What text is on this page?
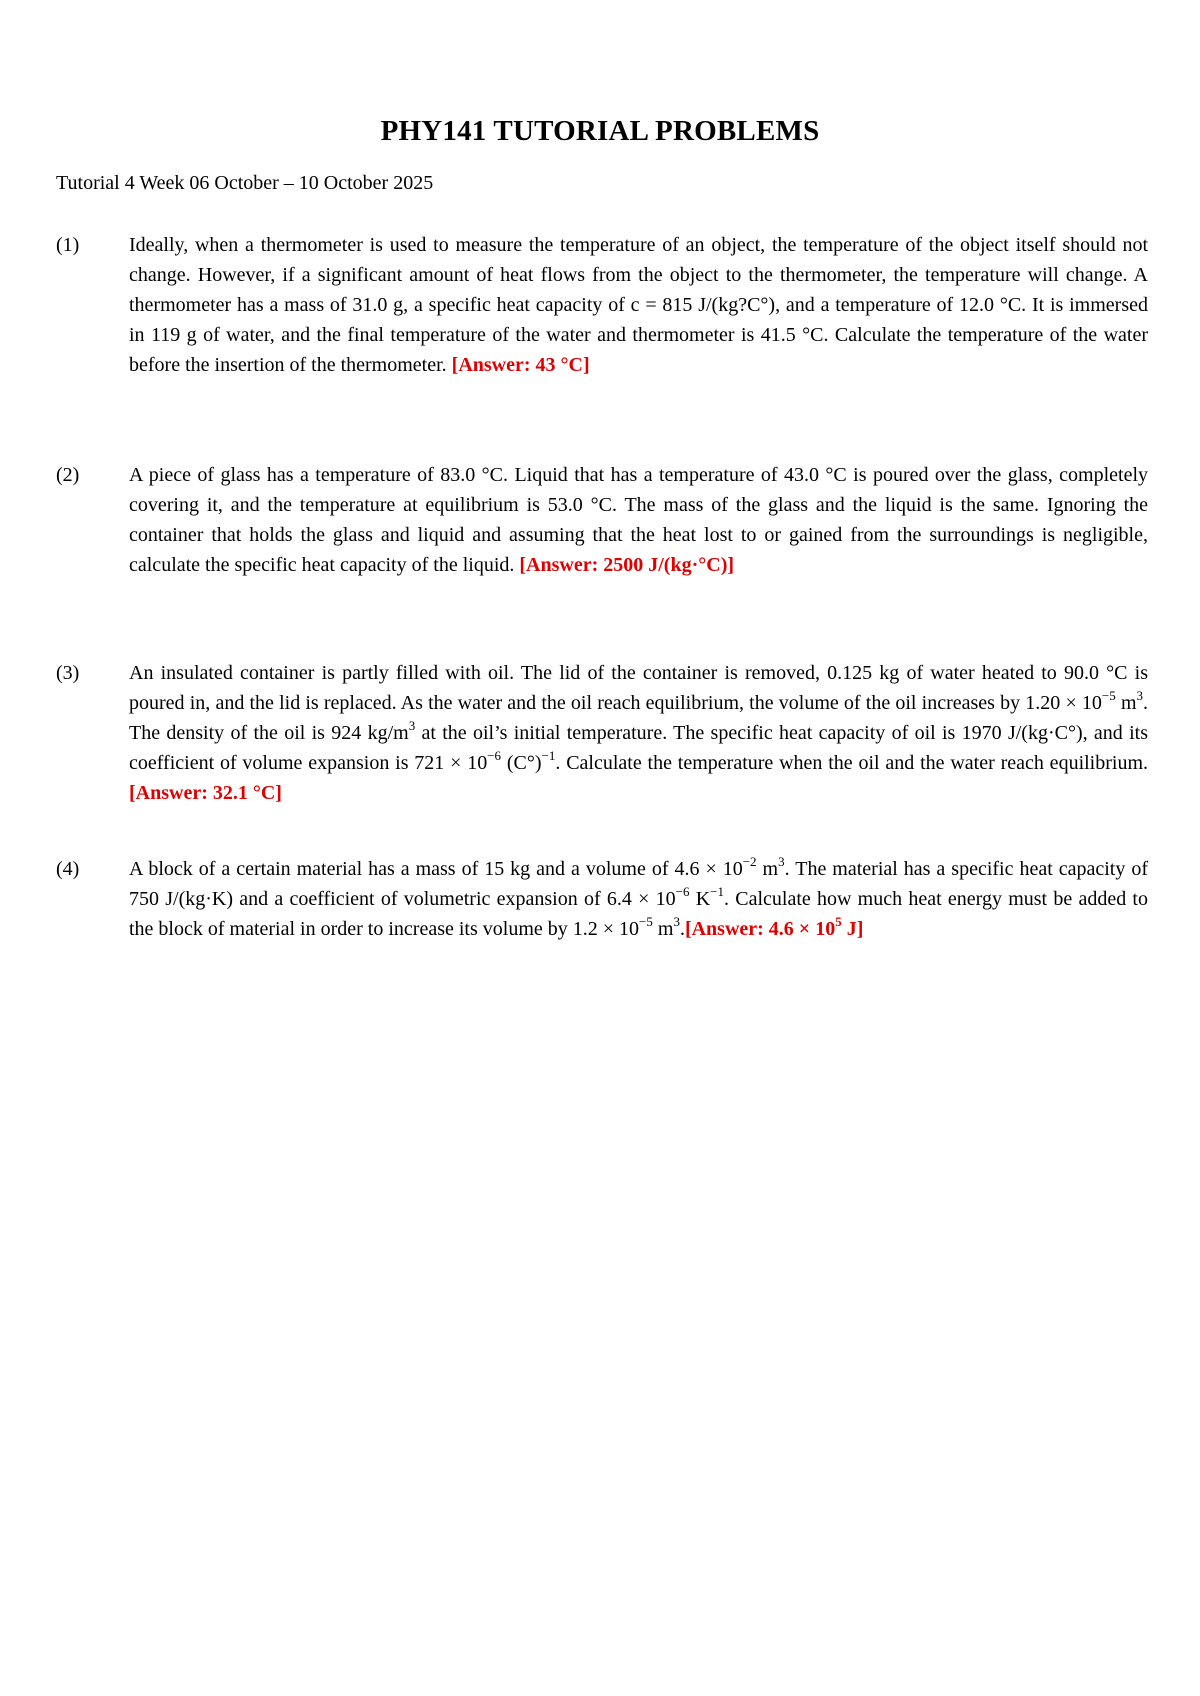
PHY141 TUTORIAL PROBLEMS
Tutorial 4 Week 06 October – 10 October 2025
(1) Ideally, when a thermometer is used to measure the temperature of an object, the temperature of the object itself should not change. However, if a significant amount of heat flows from the object to the thermometer, the temperature will change. A thermometer has a mass of 31.0 g, a specific heat capacity of c = 815 J/(kg?C°), and a temperature of 12.0 °C. It is immersed in 119 g of water, and the final temperature of the water and thermometer is 41.5 °C. Calculate the temperature of the water before the insertion of the thermometer. [Answer: 43 °C]
(2) A piece of glass has a temperature of 83.0 °C. Liquid that has a temperature of 43.0 °C is poured over the glass, completely covering it, and the temperature at equilibrium is 53.0 °C. The mass of the glass and the liquid is the same. Ignoring the container that holds the glass and liquid and assuming that the heat lost to or gained from the surroundings is negligible, calculate the specific heat capacity of the liquid. [Answer: 2500 J/(kg·°C)]
(3) An insulated container is partly filled with oil. The lid of the container is removed, 0.125 kg of water heated to 90.0 °C is poured in, and the lid is replaced. As the water and the oil reach equilibrium, the volume of the oil increases by $1.20 \times 10^{-5}$ $m^3$. The density of the oil is 924 $kg/m^3$ at the oil’s initial temperature. The specific heat capacity of oil is 1970 J/(kg·C°), and its coefficient of volume expansion is $721 \times 10^{-6}$ $(C^\circ)^{-1}$. Calculate the temperature when the oil and the water reach equilibrium. [Answer: 32.1 °C]
(4) A block of a certain material has a mass of 15 kg and a volume of $4.6 \times 10^{-2}$ $m^3$. The material has a specific heat capacity of 750 J/(kg·K) and a coefficient of volumetric expansion of $6.4 \times 10^{-6}$ $K^{-1}$. Calculate how much heat energy must be added to the block of material in order to increase its volume by $1.2 \times 10^{-5}$ $m^3.[Answer$: $4.6 \times 10^5$ J]
